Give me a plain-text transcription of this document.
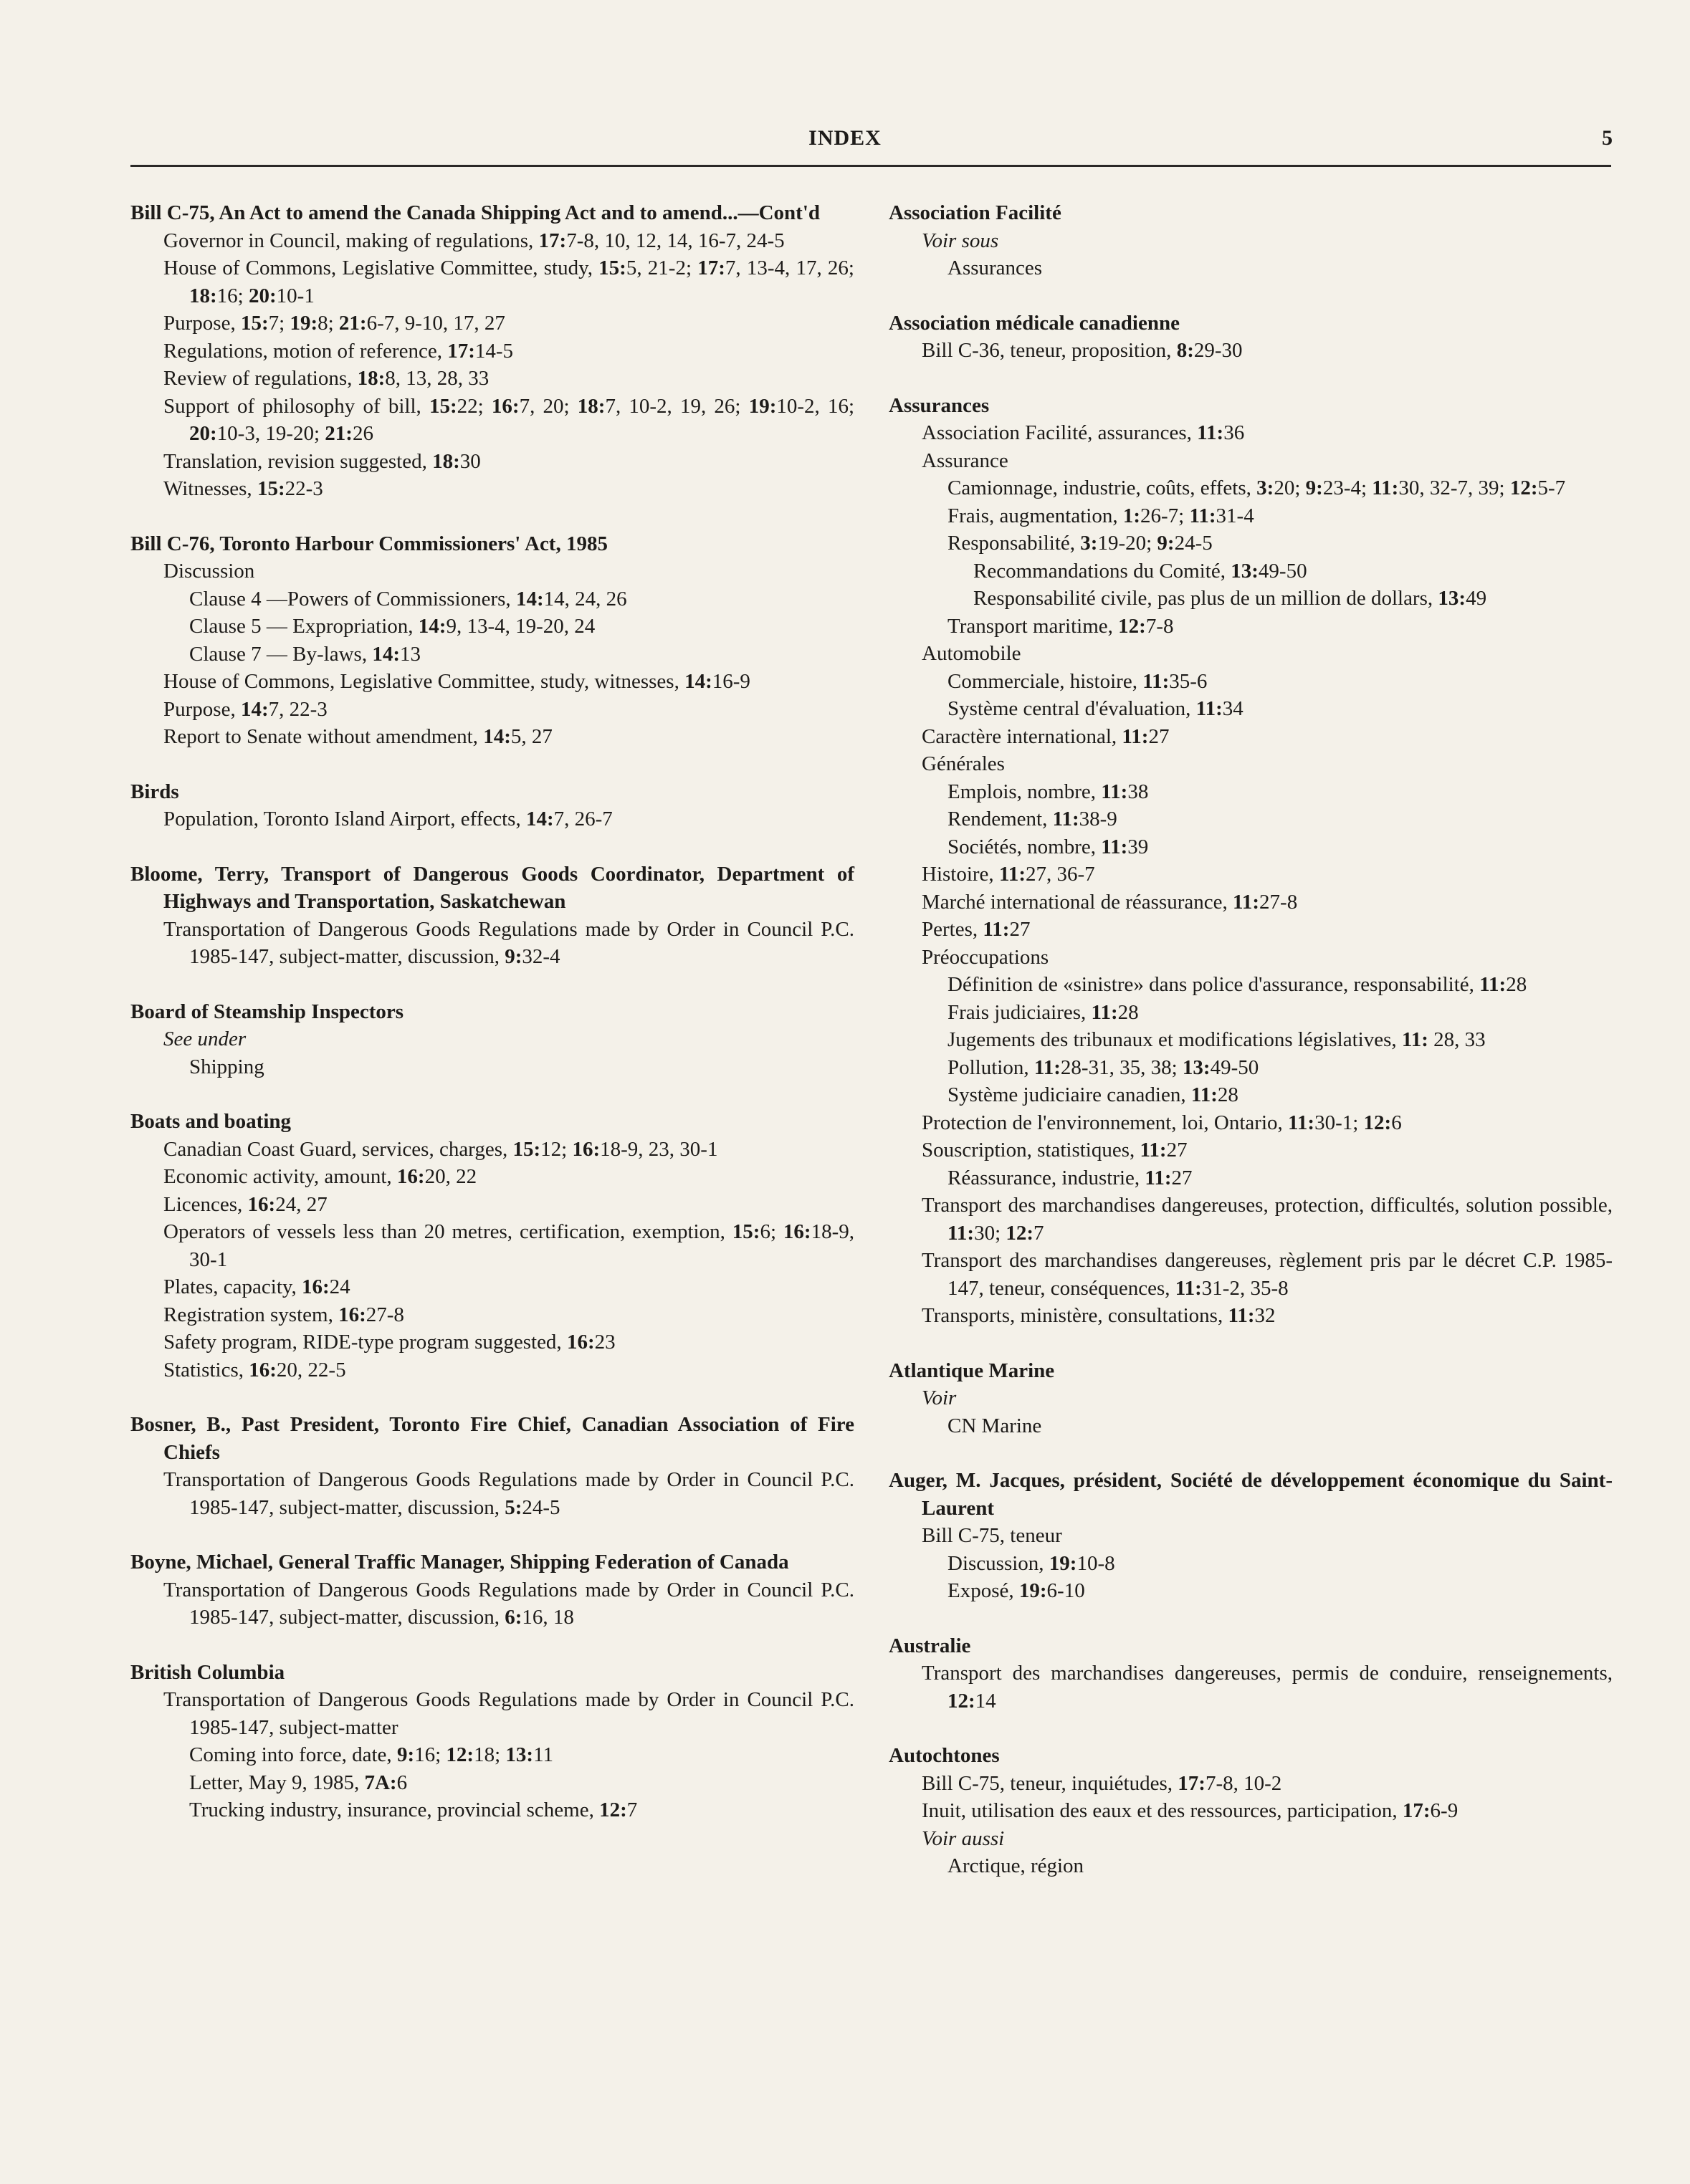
INDEX	5
Bill C-75, An Act to amend the Canada Shipping Act and to amend...—Cont'd
Governor in Council, making of regulations, 17:7-8, 10, 12, 14, 16-7, 24-5
House of Commons, Legislative Committee, study, 15:5, 21-2; 17:7, 13-4, 17, 26; 18:16; 20:10-1
Purpose, 15:7; 19:8; 21:6-7, 9-10, 17, 27
Regulations, motion of reference, 17:14-5
Review of regulations, 18:8, 13, 28, 33
Support of philosophy of bill, 15:22; 16:7, 20; 18:7, 10-2, 19, 26; 19:10-2, 16; 20:10-3, 19-20; 21:26
Translation, revision suggested, 18:30
Witnesses, 15:22-3
Bill C-76, Toronto Harbour Commissioners' Act, 1985
Discussion
Clause 4 —Powers of Commissioners, 14:14, 24, 26
Clause 5 — Expropriation, 14:9, 13-4, 19-20, 24
Clause 7 — By-laws, 14:13
House of Commons, Legislative Committee, study, witnesses, 14:16-9
Purpose, 14:7, 22-3
Report to Senate without amendment, 14:5, 27
Birds
Population, Toronto Island Airport, effects, 14:7, 26-7
Bloome, Terry, Transport of Dangerous Goods Coordinator, Department of Highways and Transportation, Saskatchewan
Transportation of Dangerous Goods Regulations made by Order in Council P.C. 1985-147, subject-matter, discussion, 9:32-4
Board of Steamship Inspectors
See under
Shipping
Boats and boating
Canadian Coast Guard, services, charges, 15:12; 16:18-9, 23, 30-1
Economic activity, amount, 16:20, 22
Licences, 16:24, 27
Operators of vessels less than 20 metres, certification, exemption, 15:6; 16:18-9, 30-1
Plates, capacity, 16:24
Registration system, 16:27-8
Safety program, RIDE-type program suggested, 16:23
Statistics, 16:20, 22-5
Bosner, B., Past President, Toronto Fire Chief, Canadian Association of Fire Chiefs
Transportation of Dangerous Goods Regulations made by Order in Council P.C. 1985-147, subject-matter, discussion, 5:24-5
Boyne, Michael, General Traffic Manager, Shipping Federation of Canada
Transportation of Dangerous Goods Regulations made by Order in Council P.C. 1985-147, subject-matter, discussion, 6:16, 18
British Columbia
Transportation of Dangerous Goods Regulations made by Order in Council P.C. 1985-147, subject-matter
Coming into force, date, 9:16; 12:18; 13:11
Letter, May 9, 1985, 7A:6
Trucking industry, insurance, provincial scheme, 12:7
Association Facilité
Voir sous
Assurances
Association médicale canadienne
Bill C-36, teneur, proposition, 8:29-30
Assurances
Association Facilité, assurances, 11:36
Assurance
Camionnage, industrie, coûts, effets, 3:20; 9:23-4; 11:30, 32-7, 39; 12:5-7
Frais, augmentation, 1:26-7; 11:31-4
Responsabilité, 3:19-20; 9:24-5
Recommandations du Comité, 13:49-50
Responsabilité civile, pas plus de un million de dollars, 13:49
Transport maritime, 12:7-8
Automobile
Commerciale, histoire, 11:35-6
Système central d'évaluation, 11:34
Caractère international, 11:27
Générales
Emplois, nombre, 11:38
Rendement, 11:38-9
Sociétés, nombre, 11:39
Histoire, 11:27, 36-7
Marché international de réassurance, 11:27-8
Pertes, 11:27
Préoccupations
Définition de «sinistre» dans police d'assurance, responsabilité, 11:28
Frais judiciaires, 11:28
Jugements des tribunaux et modifications législatives, 11: 28, 33
Pollution, 11:28-31, 35, 38; 13:49-50
Système judiciaire canadien, 11:28
Protection de l'environnement, loi, Ontario, 11:30-1; 12:6
Souscription, statistiques, 11:27
Réassurance, industrie, 11:27
Transport des marchandises dangereuses, protection, difficultés, solution possible, 11:30; 12:7
Transport des marchandises dangereuses, règlement pris par le décret C.P. 1985-147, teneur, conséquences, 11:31-2, 35-8
Transports, ministère, consultations, 11:32
Atlantique Marine
Voir
CN Marine
Auger, M. Jacques, président, Société de développement économique du Saint-Laurent
Bill C-75, teneur
Discussion, 19:10-8
Exposé, 19:6-10
Australie
Transport des marchandises dangereuses, permis de conduire, renseignements, 12:14
Autochtones
Bill C-75, teneur, inquiétudes, 17:7-8, 10-2
Inuit, utilisation des eaux et des ressources, participation, 17:6-9
Voir aussi
Arctique, région
